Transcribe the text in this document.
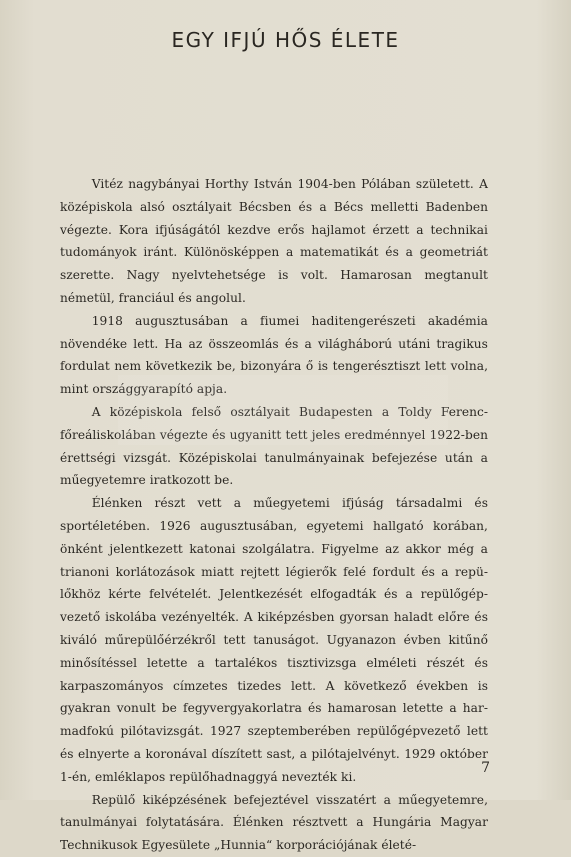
EGY IFJÚ HŐS ÉLETE

Vitéz nagybányai Horthy István 1904-ben Pólában született. A középiskola alsó osztályait Bécsben és a Bécs melletti Badenben végezte. Kora ifjúságától kezdve erős hajlamot érzett a technikai tudományok iránt. Különösképpen a matematikát és a geometriát szerette. Nagy nyelvtehetsége is volt. Hamarosan megtanult németül, franciául és angolul.

1918 augusztusában a fiumei haditengerészeti akadémia növendéke lett. Ha az összeomlás és a világháború utáni tragikus fordulat nem következik be, bizonyára ő is tengerésztiszt lett volna, mint országgyarapító apja.

A középiskola felső osztályait Budapesten a Toldy Ferencfőreáliskolában végezte és ugyanitt tett jeles eredménnyel 1922-ben érettségi vizsgát. Középiskolai tanulmányainak befejezése után a műegyetemre iratkozott be.

Élénken részt vett a műegyetemi ifjúság társadalmi és sportéletében. 1926 augusztusában, egyetemi hallgató korában, önként jelentkezett katonai szolgálatra. Figyelme az akkor még a trianoni korlátozások miatt rejtett légierők felé fordult és a repülőkhöz kérte felvételét. Jelentkezését elfogadták és a repülőgépvezető iskolába vezényelték. A kiképzésben gyorsan haladt előre és kiváló műrepülőérzékről tett tanuságot. Ugyanazon évben kitűnő minősítéssel letette a tartalékos tisztivizsga elméleti részét és karpaszományos címzetes tizedes lett. A következő években is gyakran vonult be fegyvergyakorlatra és hamarosan letette a harmadfokú pilótavizsgát. 1927 szeptemberében repülőgépvezető lett és elnyerte a koronával díszített sast, a pilótajelvényt. 1929 október 1-én, emléklapos repülőhadnaggyá nevezték ki.

Repülő kiképzésének befejeztével visszatért a műegyetemre, tanulmányai folytatására. Élénken résztvett a Hungária Magyar Technikusok Egyesülete „Hunnia“ korporációjának életé-

7
